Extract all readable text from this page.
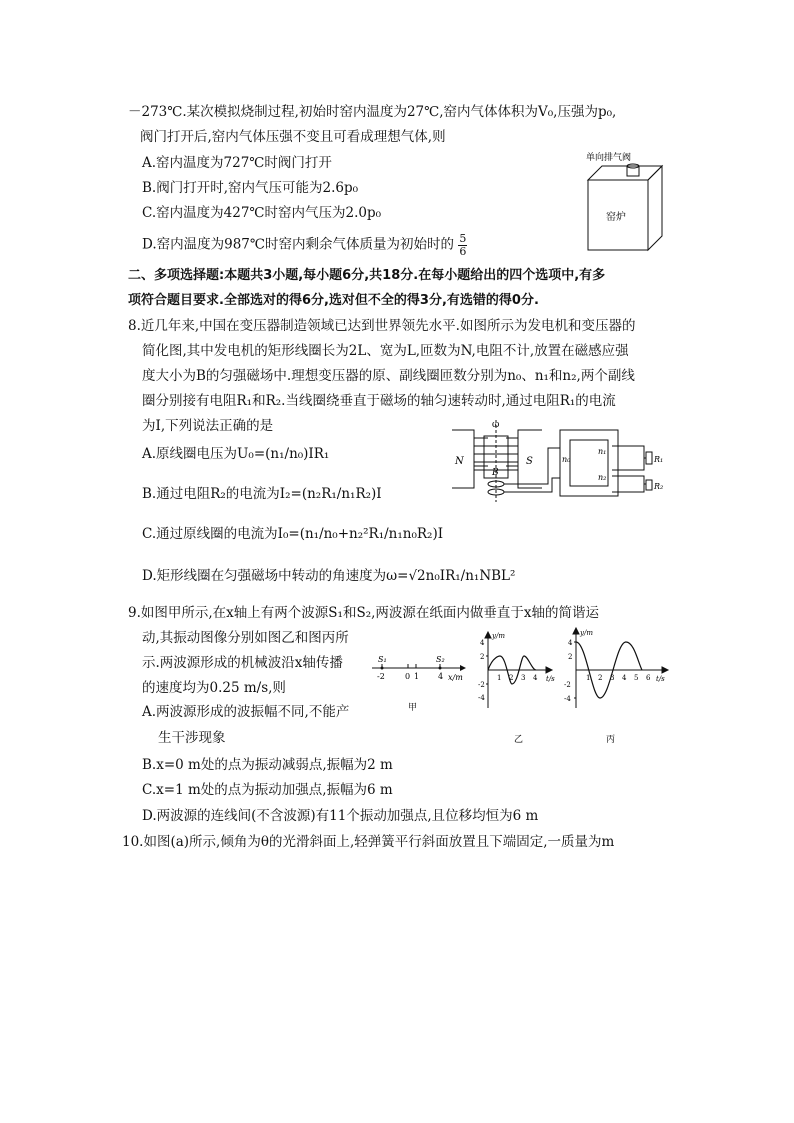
－273℃.某次模拟烧制过程,初始时窑内温度为27℃,窑内气体体积为V₀,压强为p₀,
阀门打开后,窑内气体压强不变且可看成理想气体,则
A.窑内温度为727℃时阀门打开
B.阀门打开时,窑内气压可能为2.6p₀
C.窑内温度为427℃时窑内气压为2.0p₀
D.窑内温度为987℃时窑内剩余气体质量为初始时的 $\frac{5}{6}$
单向排气阀
窑炉
二、多项选择题:本题共3小题,每小题6分,共18分.在每小题给出的四个选项中,有多
项符合题目要求.全部选对的得6分,选对但不全的得3分,有选错的得0分.
8.近几年来,中国在变压器制造领域已达到世界领先水平.如图所示为发电机和变压器的
简化图,其中发电机的矩形线圈长为2L、宽为L,匝数为N,电阻不计,放置在磁感应强
度大小为B的匀强磁场中.理想变压器的原、副线圈匝数分别为n₀、n₁和n₂,两个副线
圈分别接有电阻R₁和R₂.当线圈绕垂直于磁场的轴匀速转动时,通过电阻R₁的电流
为I,下列说法正确的是
A.原线圈电压为U₀=(n₁/n₀)IR₁
B.通过电阻R₂的电流为I₂=(n₂R₁/n₁R₂)I
C.通过原线圈的电流为I₀=(n₁/n₀+n₂²R₁/n₁n₀R₂)I
D.矩形线圈在匀强磁场中转动的角速度为ω=√2n₀IR₁/n₁NBL²
ω
N	S
B
n₀
n₁
n₂
R₁
R₂
9.如图甲所示,在x轴上有两个波源S₁和S₂,两波源在纸面内做垂直于x轴的简谐运
动,其振动图像分别如图乙和图丙所
示.两波源形成的机械波沿x轴传播
的速度均为0.25 m/s,则
A.两波源形成的波振幅不同,不能产
生干涉现象
B.x=0 m处的点为振动减弱点,振幅为2 m
C.x=1 m处的点为振动加强点,振幅为6 m
D.两波源的连线间(不含波源)有11个振动加强点,且位移均恒为6 m
S₁	S₂
-2	0 1 4 x/m
甲
y/m
t/s
4
2
-2
-4
1 2 3 4
乙
y/m
t/s
4
2
-2
-4
1 2 3 4 5 6
丙
10.如图(a)所示,倾角为θ的光滑斜面上,轻弹簧平行斜面放置且下端固定,一质量为m
